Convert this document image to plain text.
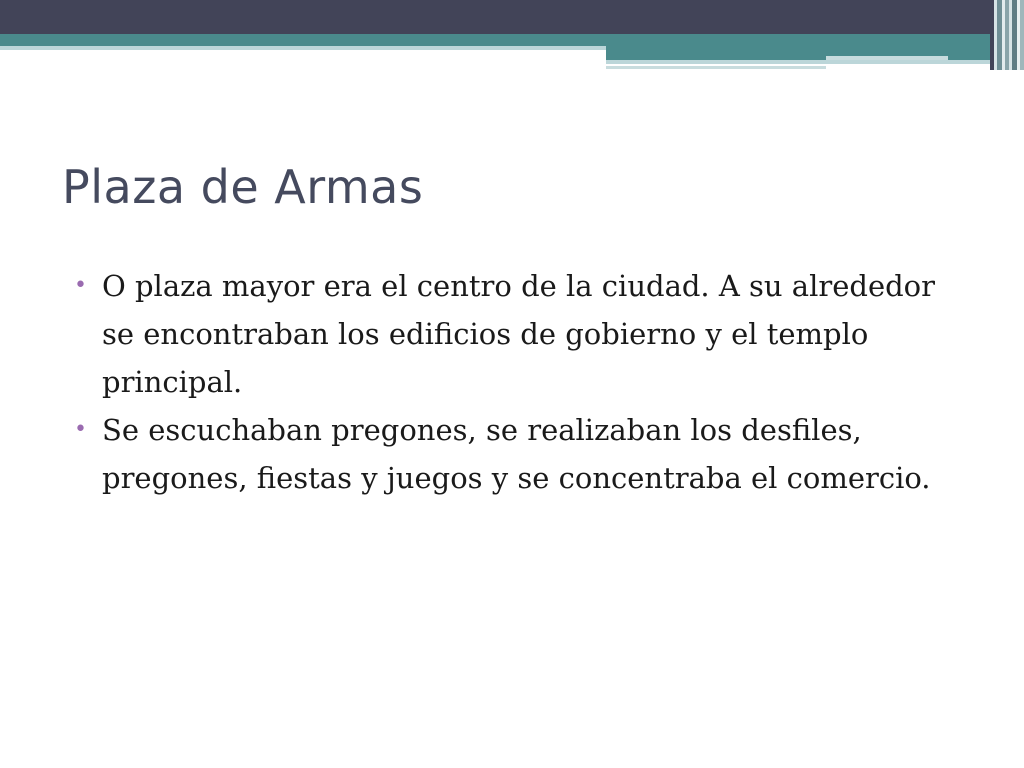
Plaza de Armas
• O plaza mayor era el centro de la ciudad. A su alrededor se encontraban los edificios de gobierno y el templo principal.
• Se escuchaban pregones, se realizaban los desfiles, pregones, fiestas y juegos y se concentraba el comercio.
